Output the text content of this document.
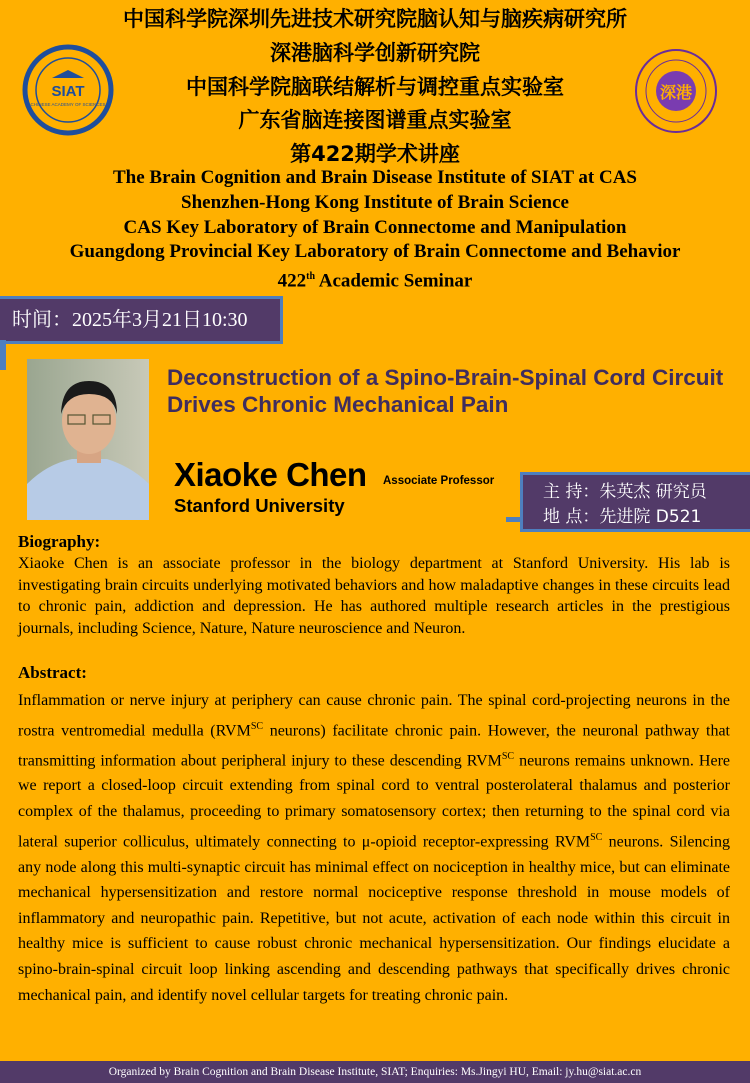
中国科学院深圳先进技术研究院脑认知与脑疾病研究所
深港脑科学创新研究院
中国科学院脑联结解析与调控重点实验室
广东省脑连接图谱重点实验室
第422期学术讲座
The Brain Cognition and Brain Disease Institute of SIAT at CAS
Shenzhen-Hong Kong Institute of Brain Science
CAS Key Laboratory of Brain Connectome and Manipulation
Guangdong Provincial Key Laboratory of Brain Connectome and Behavior
422th Academic Seminar
SIAT
CHINESE ACADEMY OF SCIENCES
深港
时间：2025年3月21日10:30
Deconstruction of a Spino-Brain-Spinal Cord Circuit Drives Chronic Mechanical Pain
Xiaoke Chen Associate Professor
Stanford University
主 持：朱英杰 研究员
地 点：先进院 D521
Biography:
Xiaoke Chen is an associate professor in the biology department at Stanford University. His lab is investigating brain circuits underlying motivated behaviors and how maladaptive changes in these circuits lead to chronic pain, addiction and depression. He has authored multiple research articles in the prestigious journals, including Science, Nature, Nature neuroscience and Neuron.
Abstract:
Inflammation or nerve injury at periphery can cause chronic pain. The spinal cord-projecting neurons in the rostra ventromedial medulla ($RVM^{SC}$ neurons) facilitate chronic pain. However, the neuronal pathway that transmitting information about peripheral injury to these descending $RVM^{SC}$ neurons remains unknown. Here we report a closed-loop circuit extending from spinal cord to ventral posterolateral thalamus and posterior complex of the thalamus, proceeding to primary somatosensory cortex; then returning to the spinal cord via lateral superior colliculus, ultimately connecting to μ-opioid receptor-expressing $RVM^{SC}$ neurons. Silencing any node along this multi-synaptic circuit has minimal effect on nociception in healthy mice, but can eliminate mechanical hypersensitization and restore normal nociceptive response threshold in mouse models of inflammatory and neuropathic pain. Repetitive, but not acute, activation of each node within this circuit in healthy mice is sufficient to cause robust chronic mechanical hypersensitization. Our findings elucidate a spino-brain-spinal circuit loop linking ascending and descending pathways that specifically drives chronic mechanical pain, and identify novel cellular targets for treating chronic pain.
Organized by Brain Cognition and Brain Disease Institute, SIAT; Enquiries: Ms.Jingyi HU, Email: jy.hu@siat.ac.cn
